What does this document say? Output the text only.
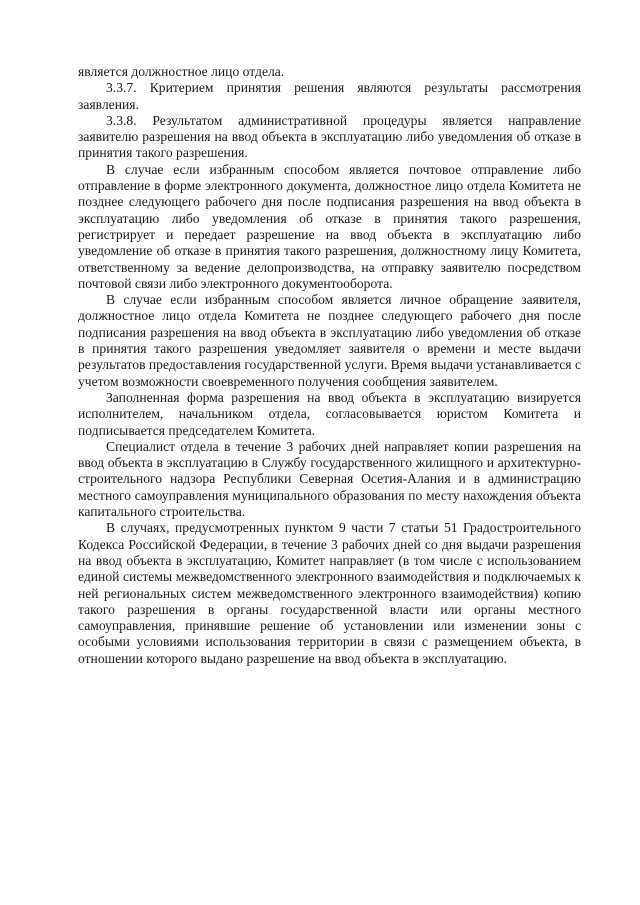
является должностное лицо отдела.

3.3.7. Критерием принятия решения являются результаты рассмотрения заявления.

3.3.8. Результатом административной процедуры является направление заявителю разрешения на ввод объекта в эксплуатацию либо уведомления об отказе в принятия такого разрешения.

В случае если избранным способом является почтовое отправление либо отправление в форме электронного документа, должностное лицо отдела Комитета не позднее следующего рабочего дня после подписания разрешения на ввод объекта в эксплуатацию либо уведомления об отказе в принятия такого разрешения, регистрирует и передает разрешение на ввод объекта в эксплуатацию либо уведомление об отказе в принятия такого разрешения, должностному лицу Комитета, ответственному за ведение делопроизводства, на отправку заявителю посредством почтовой связи либо электронного документооборота.

В случае если избранным способом является личное обращение заявителя, должностное лицо отдела Комитета не позднее следующего рабочего дня после подписания разрешения на ввод объекта в эксплуатацию либо уведомления об отказе в принятия такого разрешения уведомляет заявителя о времени и месте выдачи результатов предоставления государственной услуги. Время выдачи устанавливается с учетом возможности своевременного получения сообщения заявителем.

Заполненная форма разрешения на ввод объекта в эксплуатацию визируется исполнителем, начальником отдела, согласовывается юристом Комитета и подписывается председателем Комитета.

Специалист отдела в течение 3 рабочих дней направляет копии разрешения на ввод объекта в эксплуатацию в Службу государственного жилищного и архитектурно-строительного надзора Республики Северная Осетия-Алания и в администрацию местного самоуправления муниципального образования по месту нахождения объекта капитального строительства.

В случаях, предусмотренных пунктом 9 части 7 статьи 51 Градостроительного Кодекса Российской Федерации, в течение 3 рабочих дней со дня выдачи разрешения на ввод объекта в эксплуатацию, Комитет направляет (в том числе с использованием единой системы межведомственного электронного взаимодействия и подключаемых к ней региональных систем межведомственного электронного взаимодействия) копию такого разрешения в органы государственной власти или органы местного самоуправления, принявшие решение об установлении или изменении зоны с особыми условиями использования территории в связи с размещением объекта, в отношении которого выдано разрешение на ввод объекта в эксплуатацию.
